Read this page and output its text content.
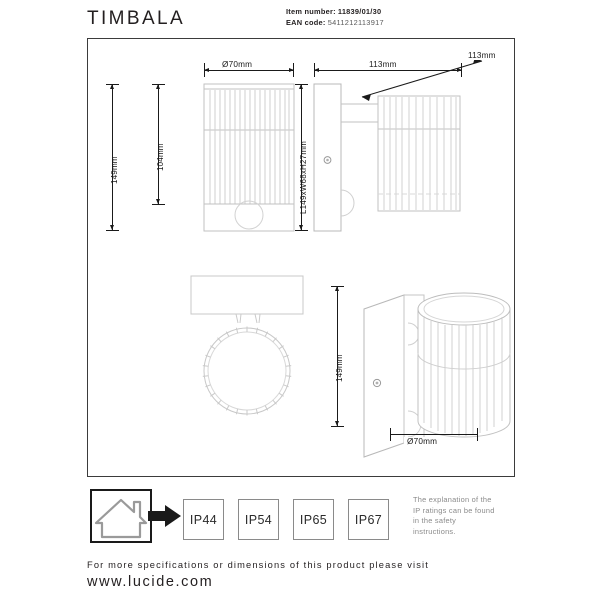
TIMBALA	Item number: 11839/01/30
EAN code: 5411212113917
Ø70mm
149mm	104mm
113mm
L149xW68xH27mm
113mm
149mm
Ø70mm
IP44	IP54	IP65	IP67
The explanation of the
IP ratings can be found
in the safety
instructions.
For more specifications or dimensions of this product please visit
www.lucide.com
